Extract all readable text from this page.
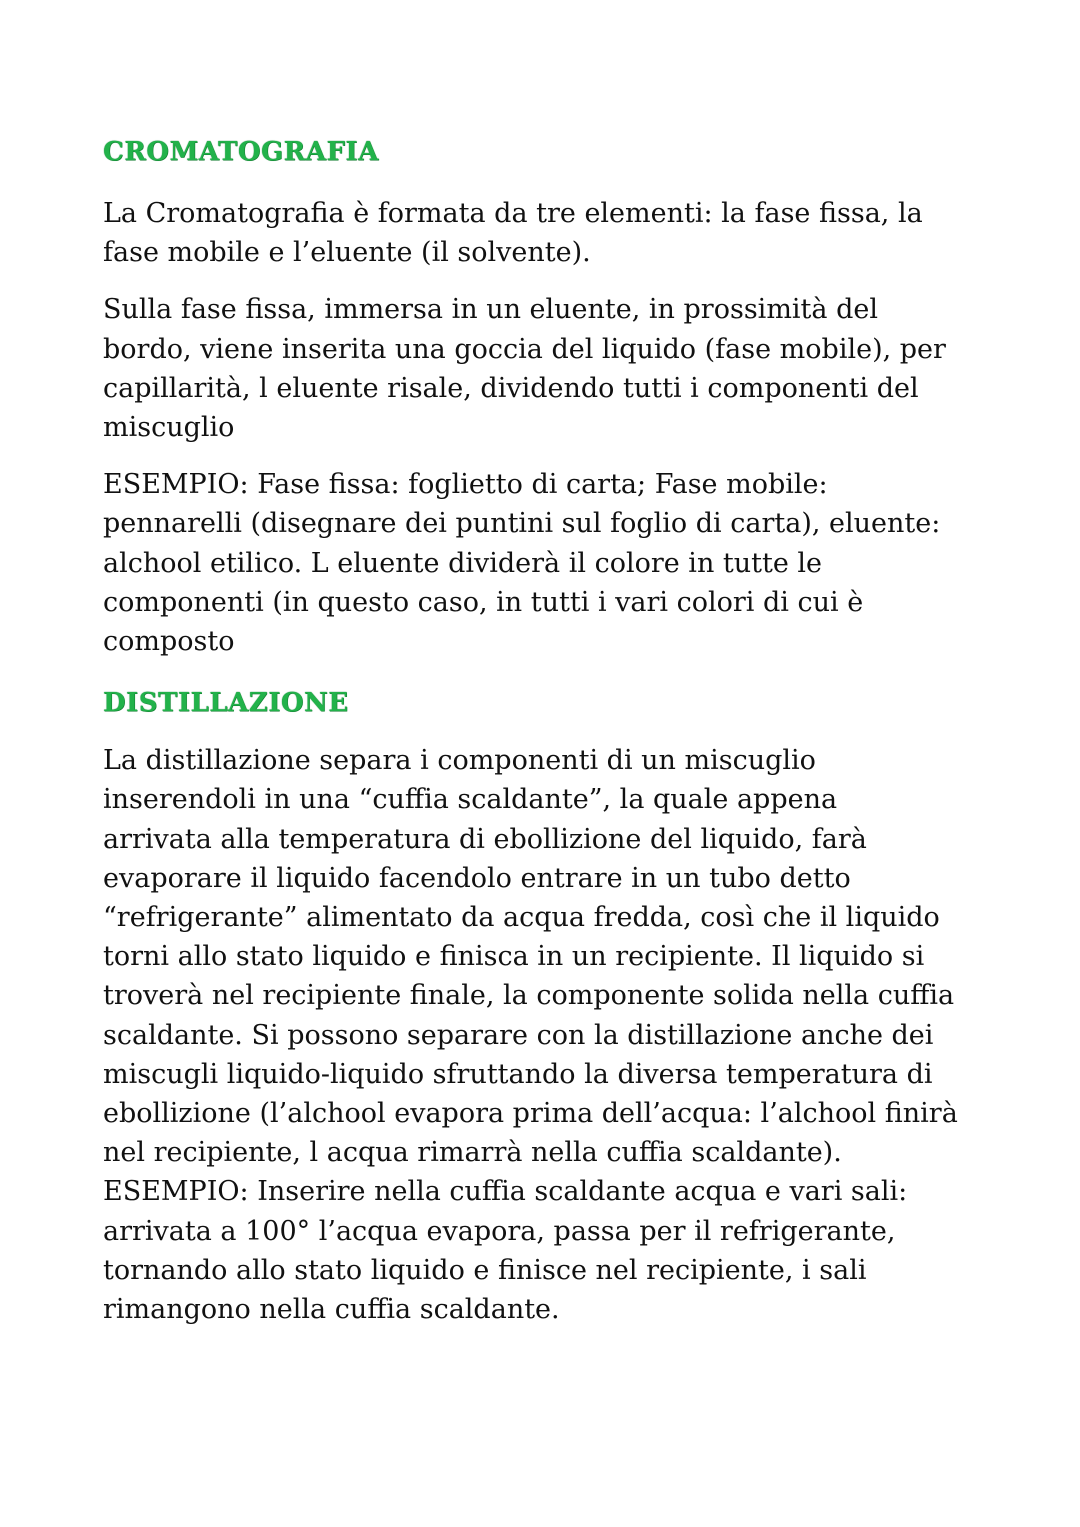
CROMATOGRAFIA

La Cromatografia è formata da tre elementi: la fase fissa, la
fase mobile e l’eluente (il solvente).

Sulla fase fissa, immersa in un eluente, in prossimità del
bordo, viene inserita una goccia del liquido (fase mobile), per
capillarità, l eluente risale, dividendo tutti i componenti del
miscuglio

ESEMPIO: Fase fissa: foglietto di carta; Fase mobile:
pennarelli (disegnare dei puntini sul foglio di carta), eluente:
alchool etilico. L eluente dividerà il colore in tutte le
componenti (in questo caso, in tutti i vari colori di cui è
composto

DISTILLAZIONE

La distillazione separa i componenti di un miscuglio
inserendoli in una “cuffia scaldante”, la quale appena
arrivata alla temperatura di ebollizione del liquido, farà
evaporare il liquido facendolo entrare in un tubo detto
“refrigerante” alimentato da acqua fredda, così che il liquido
torni allo stato liquido e finisca in un recipiente. Il liquido si
troverà nel recipiente finale, la componente solida nella cuffia
scaldante. Si possono separare con la distillazione anche dei
miscugli liquido-liquido sfruttando la diversa temperatura di
ebollizione (l’alchool evapora prima dell’acqua: l’alchool finirà
nel recipiente, l acqua rimarrà nella cuffia scaldante).
ESEMPIO: Inserire nella cuffia scaldante acqua e vari sali:
arrivata a 100° l’acqua evapora, passa per il refrigerante,
tornando allo stato liquido e finisce nel recipiente, i sali
rimangono nella cuffia scaldante.
